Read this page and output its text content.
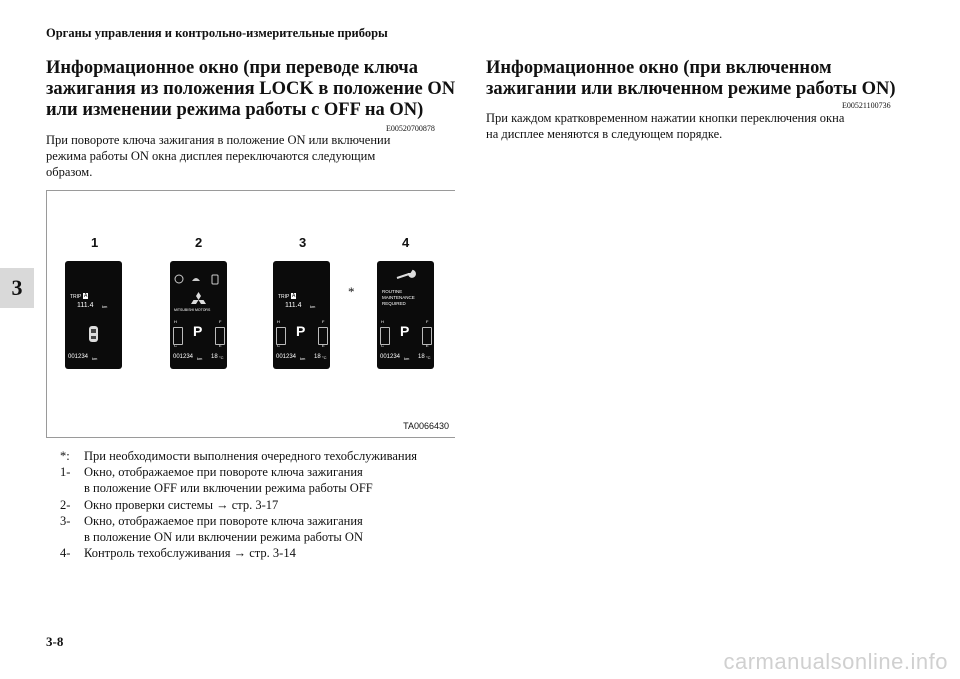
Органы управления и контрольно-измерительные приборы
3
Информационное окно (при переводе ключа
зажигания из положения LOCK в положение ON
или изменении режима работы с OFF на ON)
E00520700878
При повороте ключа зажигания в положение ON или включении
режима работы ON окна дисплея переключаются следующим
образом.
1	2	3	4
TRIP A
111.4 km
001234 km
MITSUBISHI MOTORS
P
H
C
F
E
001234 km 18 °C
TRIP A
111.4 km
P
H
C
F
E
001234 km 18 °C
ROUTINE
MAINTENANCE
REQUIRED
P
H
C
F
E
001234 km 18 °C
*
TA0066430
*:	При необходимости выполнения очередного техобслуживания
1-	Окно, отображаемое при повороте ключа зажигания
в положение OFF или включении режима работы OFF
2-	Окно проверки системы → стр. 3-17
3-	Окно, отображаемое при повороте ключа зажигания
в положение ON или включении режима работы ON
4-	Контроль техобслуживания → стр. 3-14
Информационное окно (при включенном
зажигании или включенном режиме работы ON)
E00521100736
При каждом кратковременном нажатии кнопки переключения окна
на дисплее меняются в следующем порядке.
3-8
carmanualsonline.info
